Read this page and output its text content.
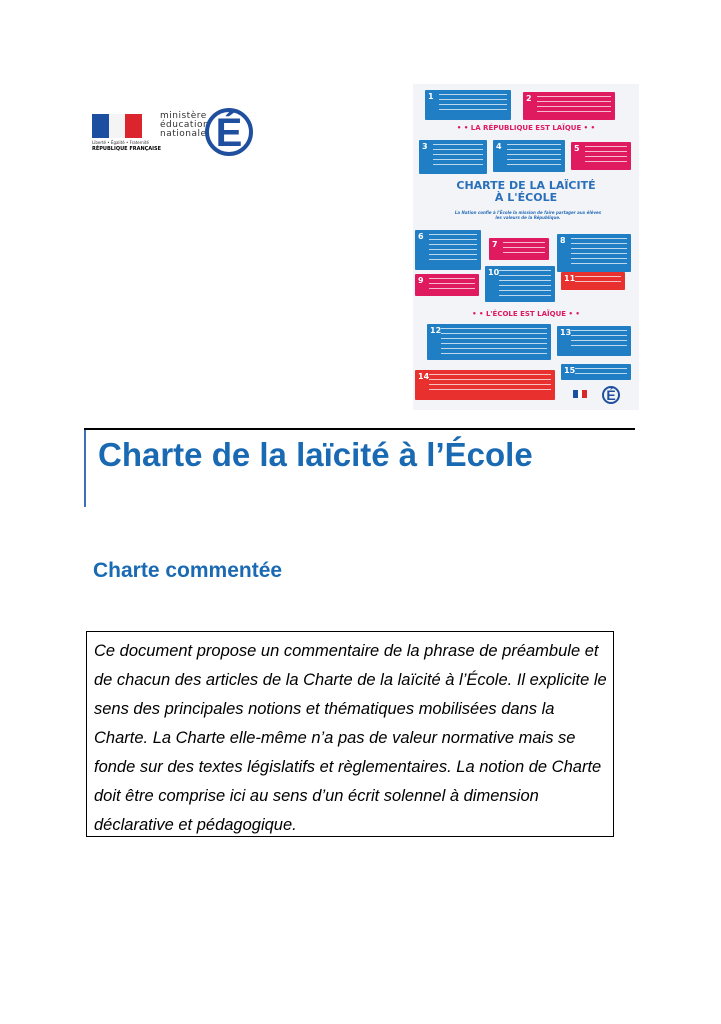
Liberté • Égalité • Fraternité
RÉPUBLIQUE FRANÇAISE
ministère
éducation
nationale É
1	2
3	4	5
6
7	8
9
10
11
12	13
14
15
• • LA RÉPUBLIQUE EST LAÏQUE • •
CHARTE DE LA LAÏCITÉ
À L'ÉCOLE
La Nation confie à l'École la mission de faire partager aux élèves les valeurs de la République.
• • L'ÉCOLE EST LAÏQUE • •
É
Charte de la laïcité à l’École
Charte commentée

Ce document propose un commentaire de la phrase de préambule et de chacun des articles de la Charte de la laïcité à l’École. Il explicite le sens des principales notions et thématiques mobilisées dans la Charte. La Charte elle-même n’a pas de valeur normative mais se fonde sur des textes législatifs et règlementaires. La notion de Charte doit être comprise ici au sens d’un écrit solennel à dimension déclarative et pédagogique.
